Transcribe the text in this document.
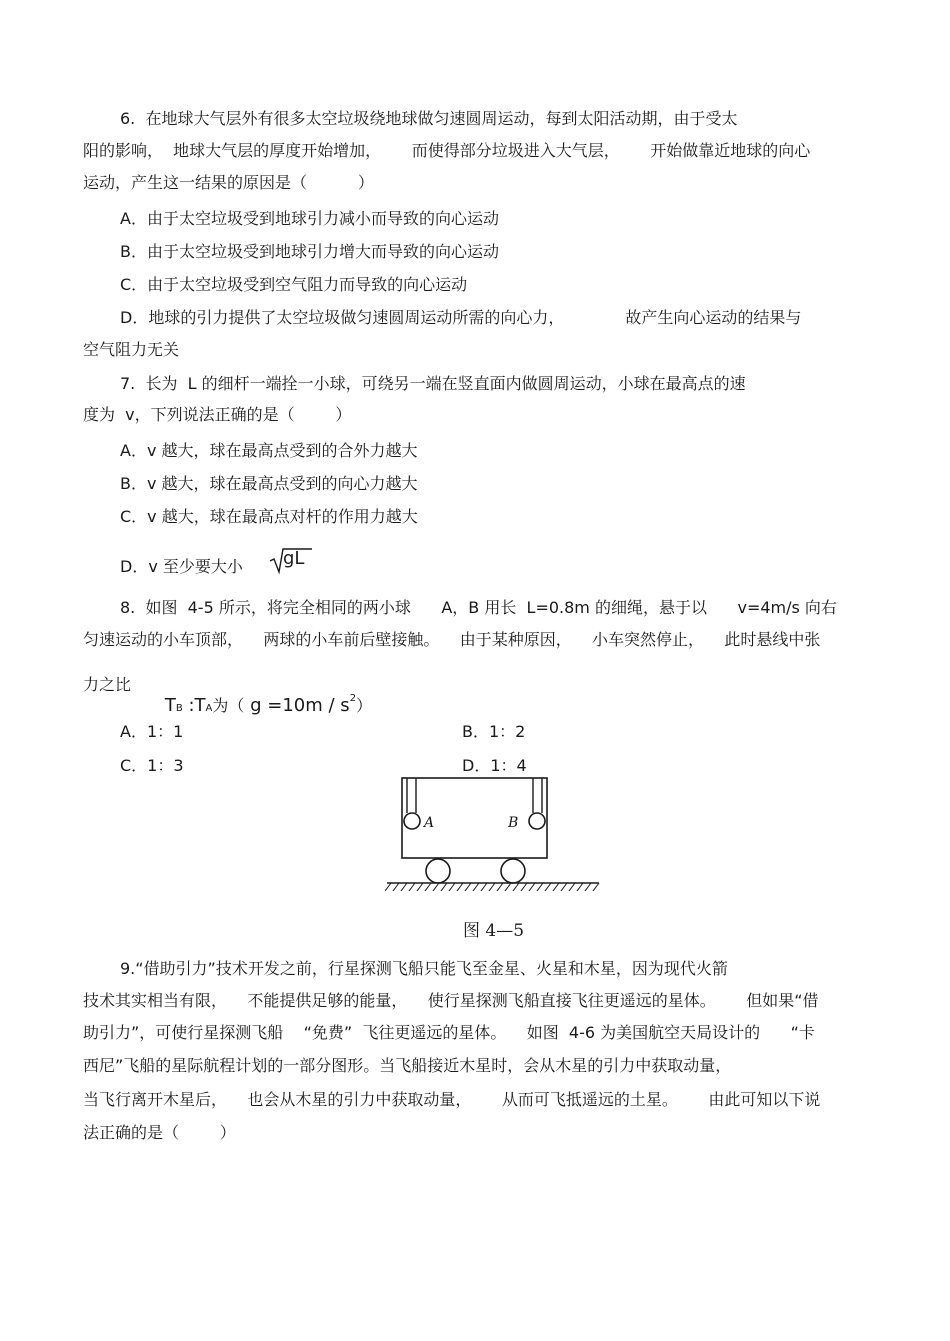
6.  在地球大气层外有很多太空垃圾绕地球做匀速圆周运动，每到太阳活动期，由于受太
阳的影响，  地球大气层的厚度开始增加，      而使得部分垃圾进入大气层，      开始做靠近地球的向心
运动，产生这一结果的原因是（          ）
A．由于太空垃圾受到地球引力减小而导致的向心运动
B．由于太空垃圾受到地球引力增大而导致的向心运动
C．由于太空垃圾受到空气阻力而导致的向心运动
D．地球的引力提供了太空垃圾做匀速圆周运动所需的向心力，            故产生向心运动的结果与
空气阻力无关
7.  长为  L 的细杆一端拴一小球，可绕另一端在竖直面内做圆周运动，小球在最高点的速
度为  v，下列说法正确的是（        ）
A．v 越大，球在最高点受到的合外力越大
B．v 越大，球在最高点受到的向心力越大
C．v 越大，球在最高点对杆的作用力越大
D．v 至少要大小 gL
8.  如图  4-5 所示，将完全相同的两小球      A，B 用长  L=0.8m 的细绳，悬于以      v=4m/s 向右
匀速运动的小车顶部，    两球的小车前后壁接触。    由于某种原因，    小车突然停止，    此时悬线中张
力之比

TB :TA为（ $g =10m / s^2$）

A．1：1	B．1：2
C．1：3	D．1：4
A	B
图 4—5
9.“借助引力”技术开发之前，行星探测飞船只能飞至金星、火星和木星，因为现代火箭
技术其实相当有限，    不能提供足够的能量，    使行星探测飞船直接飞往更遥远的星体。      但如果“借
助引力”，可使行星探测飞船    “免费”  飞往更遥远的星体。    如图  4-6 为美国航空天局设计的      “卡
西尼”飞船的星际航程计划的一部分图形。当飞船接近木星时，会从木星的引力中获取动量，
当飞行离开木星后，    也会从木星的引力中获取动量，      从而可飞抵遥远的土星。      由此可知以下说
法正确的是（        ）
